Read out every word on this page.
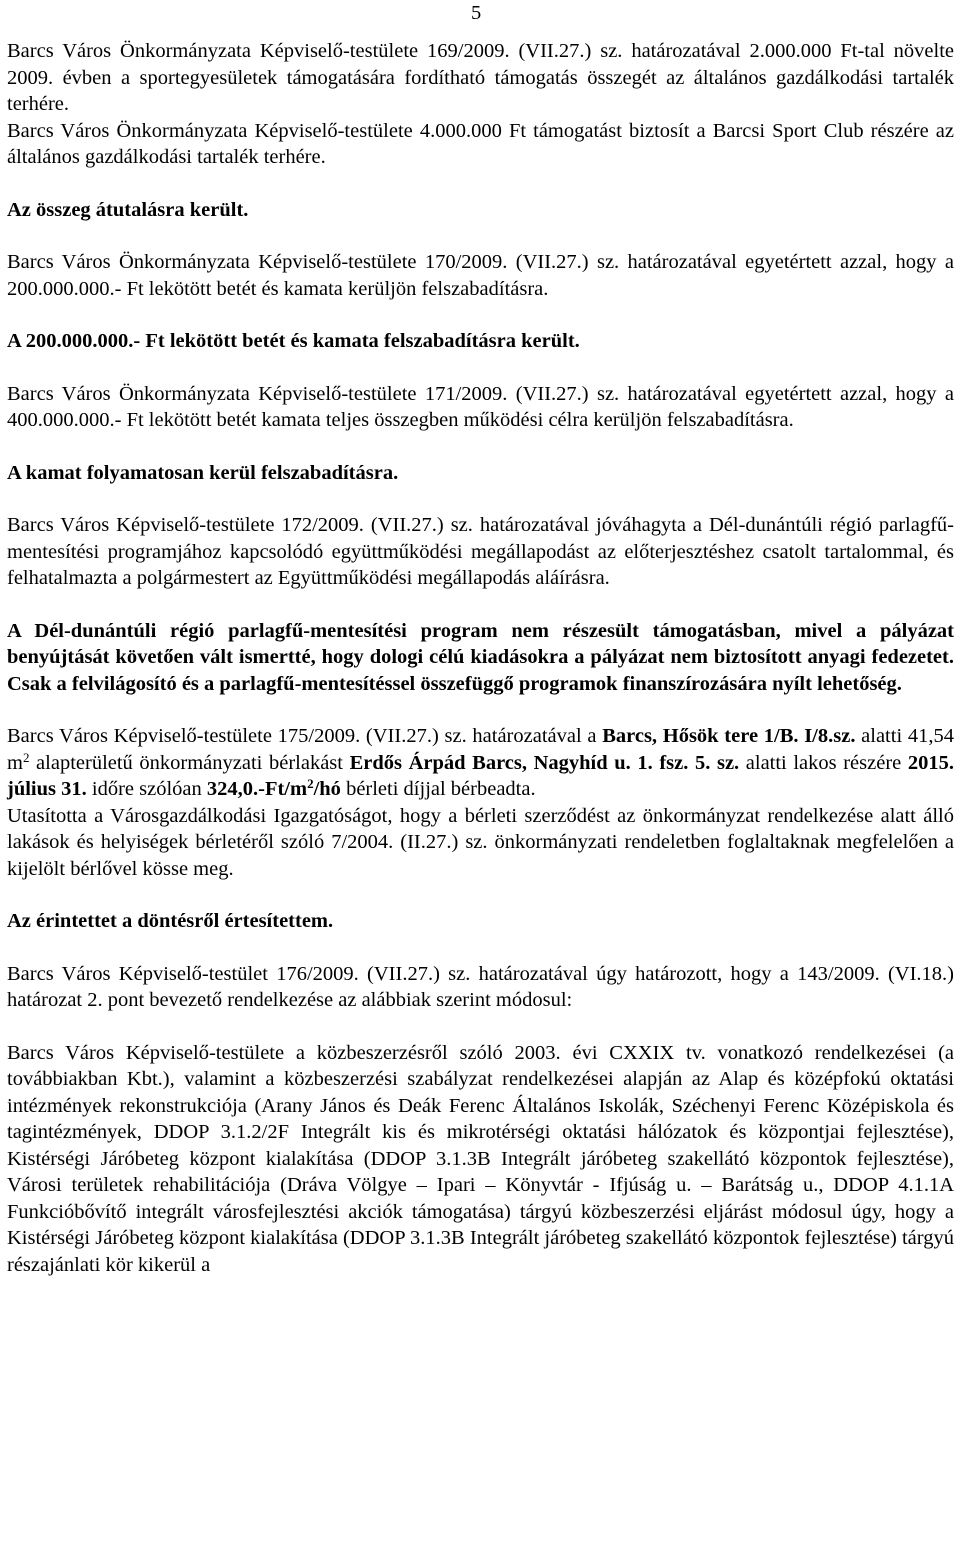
5

Barcs Város Önkormányzata Képviselő-testülete 169/2009. (VII.27.) sz. határozatával 2.000.000 Ft-tal növelte 2009. évben a sportegyesületek támogatására fordítható támogatás összegét az általános gazdálkodási tartalék terhére.

Barcs Város Önkormányzata Képviselő-testülete 4.000.000 Ft támogatást biztosít a Barcsi Sport Club részére az általános gazdálkodási tartalék terhére.

Az összeg átutalásra került.

Barcs Város Önkormányzata Képviselő-testülete 170/2009. (VII.27.) sz. határozatával egyetértett azzal, hogy a 200.000.000.- Ft lekötött betét és kamata kerüljön felszabadításra.

A 200.000.000.- Ft lekötött betét és kamata felszabadításra került.

Barcs Város Önkormányzata Képviselő-testülete 171/2009. (VII.27.) sz. határozatával egyetértett azzal, hogy a 400.000.000.- Ft lekötött betét kamata teljes összegben működési célra kerüljön felszabadításra.

A kamat folyamatosan kerül felszabadításra.

Barcs Város Képviselő-testülete 172/2009. (VII.27.) sz. határozatával jóváhagyta a Dél-dunántúli régió parlagfű-mentesítési programjához kapcsolódó együttműködési megállapodást az előterjesztéshez csatolt tartalommal, és felhatalmazta a polgármestert az Együttműködési megállapodás aláírásra.

A Dél-dunántúli régió parlagfű-mentesítési program nem részesült támogatásban, mivel a pályázat benyújtását követően vált ismertté, hogy dologi célú kiadásokra a pályázat nem biztosított anyagi fedezetet. Csak a felvilágosító és a parlagfű-mentesítéssel összefüggő programok finanszírozására nyílt lehetőség.

Barcs Város Képviselő-testülete 175/2009. (VII.27.) sz. határozatával a Barcs, Hősök tere 1/B. I/8.sz. alatti 41,54 $m^2$ alapterületű önkormányzati bérlakást Erdős Árpád Barcs, Nagyhíd u. 1. fsz. 5. sz. alatti lakos részére 2015. július 31. időre szólóan $324,0.-Ft/m^2/hó$ bérleti díjjal bérbeadta.

Utasította a Városgazdálkodási Igazgatóságot, hogy a bérleti szerződést az önkormányzat rendelkezése alatt álló lakások és helyiségek bérletéről szóló 7/2004. (II.27.) sz. önkormányzati rendeletben foglaltaknak megfelelően a kijelölt bérlővel kösse meg.

Az érintettet a döntésről értesítettem.

Barcs Város Képviselő-testület 176/2009. (VII.27.) sz. határozatával úgy határozott, hogy a 143/2009. (VI.18.) határozat 2. pont bevezető rendelkezése az alábbiak szerint módosul:

Barcs Város Képviselő-testülete a közbeszerzésről szóló 2003. évi CXXIX tv. vonatkozó rendelkezései (a továbbiakban Kbt.), valamint a közbeszerzési szabályzat rendelkezései alapján az Alap és középfokú oktatási intézmények rekonstrukciója (Arany János és Deák Ferenc Általános Iskolák, Széchenyi Ferenc Középiskola és tagintézmények, DDOP 3.1.2/2F Integrált kis és mikrotérségi oktatási hálózatok és központjai fejlesztése), Kistérségi Járóbeteg központ kialakítása (DDOP 3.1.3B Integrált járóbeteg szakellátó központok fejlesztése), Városi területek rehabilitációja (Dráva Völgye – Ipari – Könyvtár - Ifjúság u. – Barátság u., DDOP 4.1.1A Funkcióbővítő integrált városfejlesztési akciók támogatása) tárgyú közbeszerzési eljárást módosul úgy, hogy a Kistérségi Járóbeteg központ kialakítása (DDOP 3.1.3B Integrált járóbeteg szakellátó központok fejlesztése) tárgyú részajánlati kör kikerül a
